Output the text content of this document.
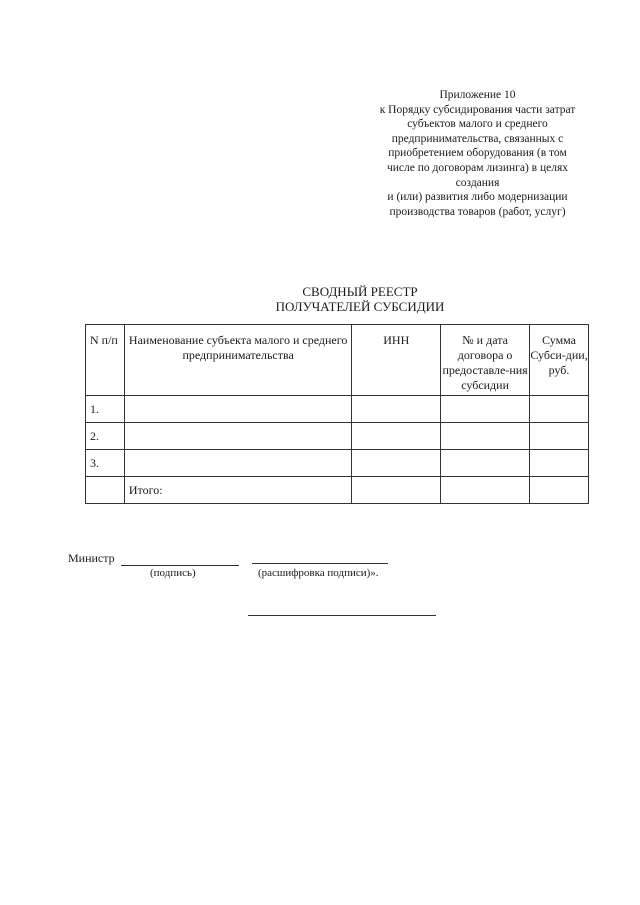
Приложение 10
к Порядку субсидирования части затрат
субъектов малого и среднего
предпринимательства, связанных с
приобретением оборудования (в том
числе по договорам лизинга) в целях
создания
и (или) развития либо модернизации
производства товаров (работ, услуг)
СВОДНЫЙ РЕЕСТР
ПОЛУЧАТЕЛЕЙ СУБСИДИИ
N п/п	Наименование субъекта малого и среднего предпринимательства	ИНН	№ и дата договора о предоставле-ния субсидии	Сумма Субси-дии, руб.
1.				
2.				
3.				
	Итого:			
Министр
(подпись)	(расшифровка подписи)».
